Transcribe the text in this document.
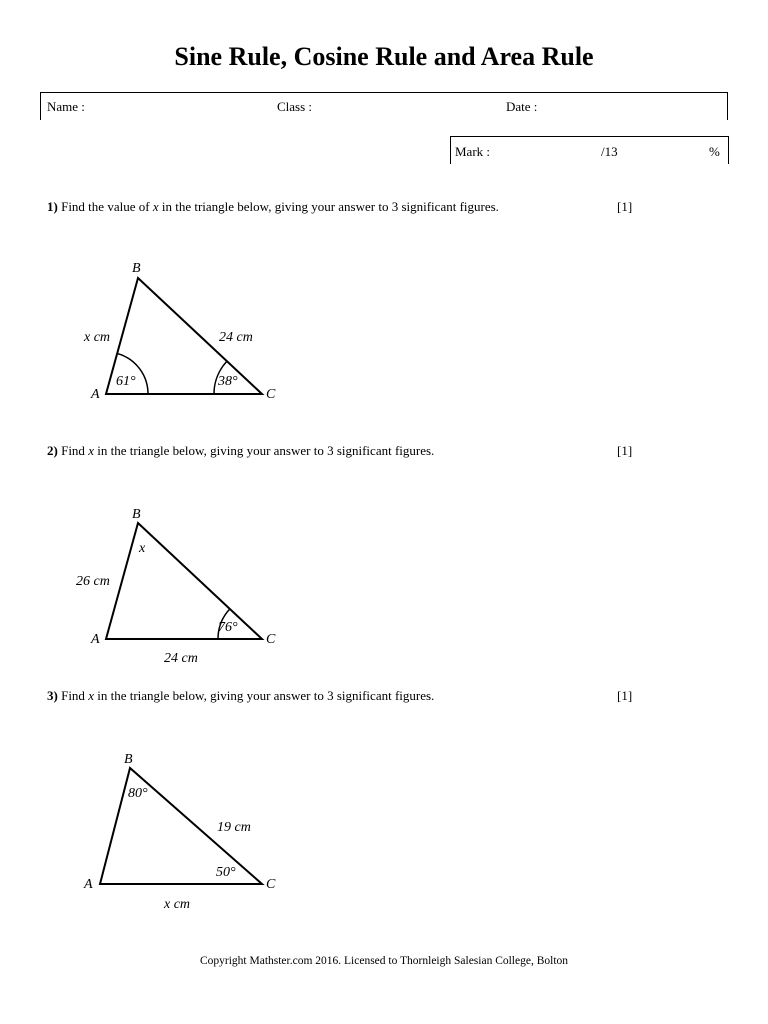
Sine Rule, Cosine Rule and Area Rule
Name :	Class :	Date :
Mark :	/13	%
1) Find the value of x in the triangle below, giving your answer to 3 significant figures.	[1]
B
A	C
x cm	24 cm
61°	38°
2) Find x in the triangle below, giving your answer to 3 significant figures.	[1]
B
A	C
26 cm
24 cm
x
76°
3) Find x in the triangle below, giving your answer to 3 significant figures.	[1]
B
A	C
19 cm
x cm
80°
50°
Copyright Mathster.com 2016. Licensed to Thornleigh Salesian College, Bolton
